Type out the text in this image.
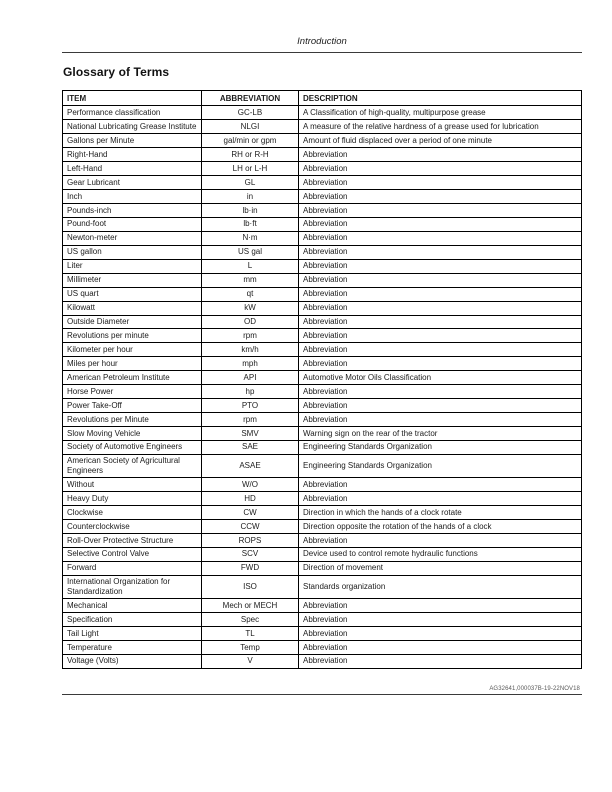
Introduction
Glossary of Terms
ITEM	ABBREVIATION	DESCRIPTION
Performance classification	GC-LB	A Classification of high-quality, multipurpose grease
National Lubricating Grease Institute	NLGI	A measure of the relative hardness of a grease used for lubrication
Gallons per Minute	gal/min or gpm	Amount of fluid displaced over a period of one minute
Right-Hand	RH or R-H	Abbreviation
Left-Hand	LH or L-H	Abbreviation
Gear Lubricant	GL	Abbreviation
Inch	in	Abbreviation
Pounds-inch	lb·in	Abbreviation
Pound-foot	lb·ft	Abbreviation
Newton-meter	N·m	Abbreviation
US gallon	US gal	Abbreviation
Liter	L	Abbreviation
Millimeter	mm	Abbreviation
US quart	qt	Abbreviation
Kilowatt	kW	Abbreviation
Outside Diameter	OD	Abbreviation
Revolutions per minute	rpm	Abbreviation
Kilometer per hour	km/h	Abbreviation
Miles per hour	mph	Abbreviation
American Petroleum Institute	API	Automotive Motor Oils Classification
Horse Power	hp	Abbreviation
Power Take-Off	PTO	Abbreviation
Revolutions per Minute	rpm	Abbreviation
Slow Moving Vehicle	SMV	Warning sign on the rear of the tractor
Society of Automotive Engineers	SAE	Engineering Standards Organization
American Society of Agricultural Engineers	ASAE	Engineering Standards Organization
Without	W/O	Abbreviation
Heavy Duty	HD	Abbreviation
Clockwise	CW	Direction in which the hands of a clock rotate
Counterclockwise	CCW	Direction opposite the rotation of the hands of a clock
Roll-Over Protective Structure	ROPS	Abbreviation
Selective Control Valve	SCV	Device used to control remote hydraulic functions
Forward	FWD	Direction of movement
International Organization for Standardization	ISO	Standards organization
Mechanical	Mech or MECH	Abbreviation
Specification	Spec	Abbreviation
Tail Light	TL	Abbreviation
Temperature	Temp	Abbreviation
Voltage (Volts)	V	Abbreviation
AG32641,000037B-19-22NOV18
